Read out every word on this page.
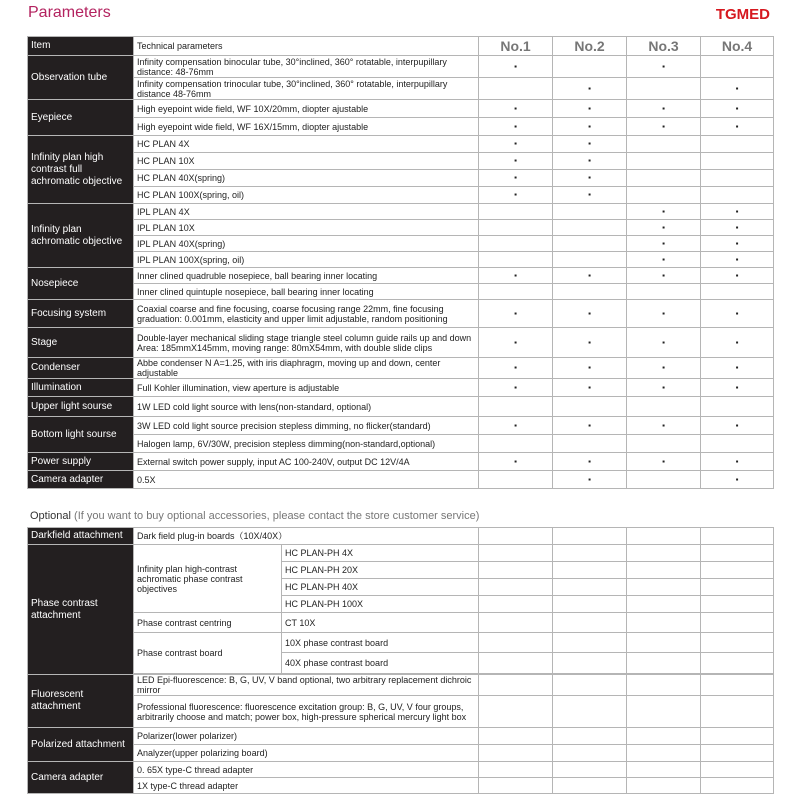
Parameters	TGMED
Item	Technical parameters	No.1	No.2	No.3	No.4
Observation tube	Infinity compensation binocular tube, 30°inclined, 360° rotatable, interpupillary distance: 48-76mm	▪		▪	
	Infinity compensation trinocular tube, 30°inclined, 360° rotatable, interpupillary distance 48-76mm		▪		▪
Eyepiece	High eyepoint wide field, WF 10X/20mm, diopter ajustable	▪	▪	▪	▪
	High eyepoint wide field, WF 16X/15mm, diopter ajustable	▪	▪	▪	▪
Infinity plan high contrast full achromatic objective	HC PLAN 4X	▪	▪		
	HC PLAN 10X	▪	▪		
	HC PLAN 40X(spring)	▪	▪		
	HC PLAN 100X(spring, oil)	▪	▪		
Infinity plan achromatic objective	IPL PLAN 4X			▪	▪
	IPL PLAN 10X			▪	▪
	IPL PLAN 40X(spring)			▪	▪
	IPL PLAN 100X(spring, oil)			▪	▪
Nosepiece	Inner clined quadruble nosepiece, ball bearing inner locating	▪	▪	▪	▪
	Inner clined quintuple nosepiece, ball bearing inner locating				
Focusing system	Coaxial coarse and fine focusing, coarse focusing range 22mm, fine focusing graduation: 0.001mm, elasticity and upper limit adjustable, random positioning	▪	▪	▪	▪
Stage	Double-layer mechanical sliding stage triangle steel column guide rails up and down Area: 185mmX145mm, moving range: 80mX54mm, with double slide clips	▪	▪	▪	▪
Condenser	Abbe condenser N A=1.25, with iris diaphragm, moving up and down, center adjustable	▪	▪	▪	▪
Illumination	Full Kohler illumination, view aperture is adjustable	▪	▪	▪	▪
Upper light sourse	1W LED cold light source with lens(non-standard, optional)				
Bottom light sourse	3W LED cold light source precision stepless dimming, no flicker(standard)	▪	▪	▪	▪
	Halogen lamp, 6V/30W, precision stepless dimming(non-standard,optional)				
Power supply	External switch power supply, input AC 100-240V, output DC 12V/4A	▪	▪	▪	▪
Camera adapter	0.5X		▪		▪
Optional (If you want to buy optional accessories, please contact the store customer service)
Darkfield attachment	Dark field plug-in boards（10X/40X）					
Phase contrast attachment	Infinity plan high-contrast achromatic phase contrast objectives	HC PLAN-PH 4X				
		HC PLAN-PH 20X				
		HC PLAN-PH 40X				
		HC PLAN-PH 100X				
	Phase contrast centring	CT 10X				
	Phase contrast board	10X phase contrast board				
		40X phase contrast board				

Fluorescent attachment	LED Epi-fluorescence: B, G, UV, V band optional, two arbitrary replacement dichroic mirror					
	Professional fluorescence: fluorescence excitation group: B, G, UV, V four groups, arbitrarily choose and match; power box, high-pressure spherical mercury light box					
Polarized attachment	Polarizer(lower polarizer)					
	Analyzer(upper polarizing board)					
Camera adapter	0. 65X type-C thread adapter					
	1X type-C thread adapter					
